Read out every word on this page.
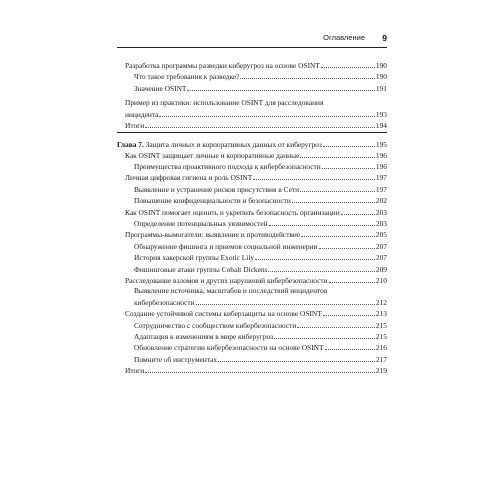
Оглавление 9
Разработка программы разведки киберугроз на основе OSINT	190
Что такое требования к разведке?	190
Значение OSINT	191
Пример из практики: использование OSINT для расследования
инцидента	193
Итоги	194
Глава 7. Защита личных и корпоративных данных от киберугроз	195
Как OSINT защищает личные и корпоративные данные	196
Преимущества проактивного подхода к кибербезопасности	196
Личная цифровая гигиена и роль OSINT	197
Выявление и устранение рисков присутствия в Сети	197
Повышение конфиденциальности и безопасности	202
Как OSINT помогает оценить и укрепить безопасность организации	203
Определение потенциальных уязвимостей	203
Программы-вымогатели: выявление и противодействие	205
Обнаружение фишинга и приемов социальной инженерии	207
История хакерской группы Exotic Lily	207
Фишинговые атаки группы Cobalt Dickens	209
Расследование взломов и других нарушений кибербезопасности	210
Выявление источника, масштабов и последствий инцидентов
кибербезопасности	212
Создание устойчивой системы киберзащиты на основе OSINT	213
Сотрудничество с сообществом кибербезопасности	215
Адаптация к изменениям в мире киберугроз	215
Обновление стратегии кибербезопасности на основе OSINT	216
Помните об инструментах	217
Итоги	219
